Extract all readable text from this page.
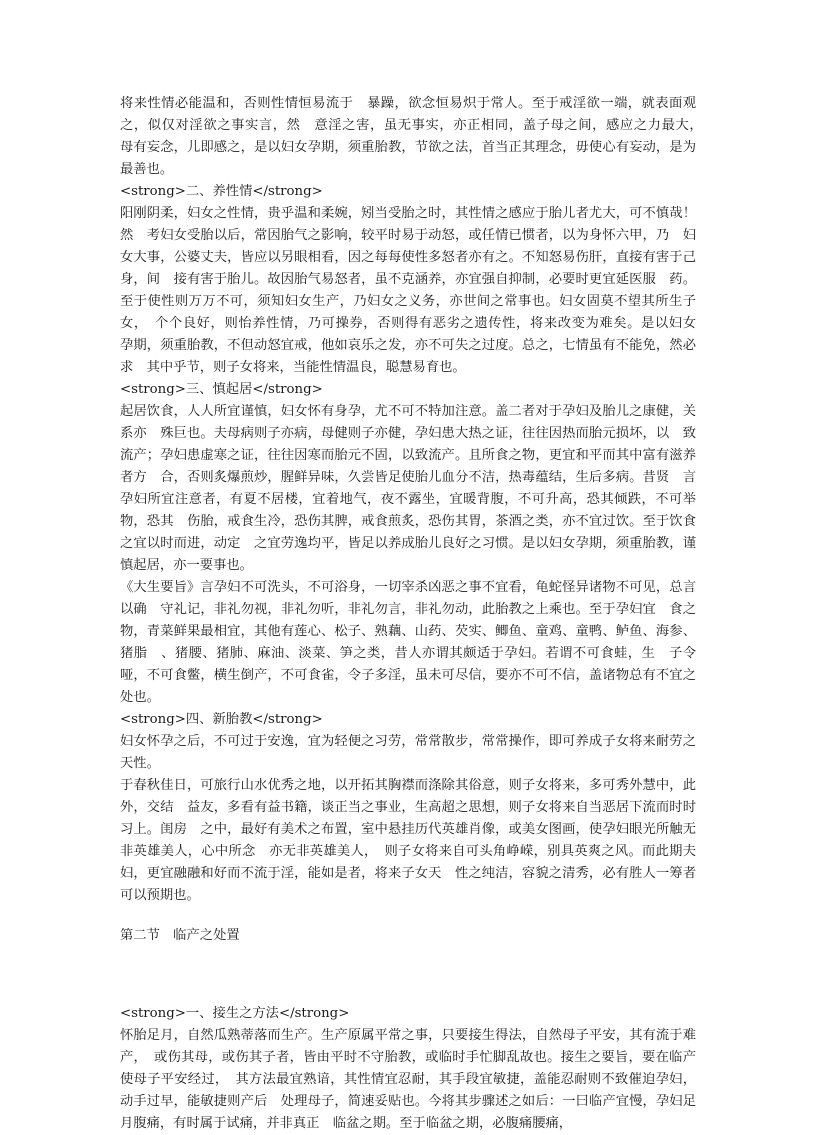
将来性情必能温和，否则性情恒易流于　暴躁，欲念恒易炽于常人。至于戒淫欲一端，就表面观之，似仅对淫欲之事实言，然　意淫之害，虽无事实，亦正相同，盖子母之间，感应之力最大，　母有妄念，儿即感之，是以妇女孕期，须重胎教，节欲之法，首当正其理念，毋使心有妄动，是为最善也。

<strong>二、养性情</strong>

阳刚阴柔，妇女之性情，贵乎温和柔婉，矧当受胎之时，其性情之感应于胎儿者尤大，可不慎哉！然　考妇女受胎以后，常因胎气之影响，较平时易于动怒，或任情已惯者，以为身怀六甲，乃　妇女大事，公婆丈夫，皆应以另眼相看，因之每每使性多怒者亦有之。不知怒易伤肝，直接有害于己身，间　接有害于胎儿。故因胎气易怒者，虽不克涵养，亦宜强自抑制，必要时更宜延医服　药。至于使性则万万不可，须知妇女生产，乃妇女之义务，亦世间之常事也。妇女固莫不望其所生子女，　个个良好，则怡养性情，乃可操券，否则得有恶劣之遗传性，将来改变为难矣。是以妇女　孕期，须重胎教，不但动怒宜戒，他如哀乐之发，亦不可失之过度。总之，七情虽有不能免，然必求　其中乎节，则子女将来，当能性情温良，聪慧易育也。

<strong>三、慎起居</strong>

起居饮食，人人所宜谨慎，妇女怀有身孕，尤不可不特加注意。盖二者对于孕妇及胎儿之康健，关系亦　殊巨也。夫母病则子亦病，母健则子亦健，孕妇患大热之证，往往因热而胎元损坏，以　致流产；孕妇患虚寒之证，往往因寒而胎元不固，以致流产。且所食之物，更宜和平而其中富有滋养者方　合，否则炙爆煎炒，腥鲜异味，久尝皆足使胎儿血分不洁，热毒蕴结，生后多病。昔贤　言孕妇所宜注意者，有夏不居楼，宜着地气，夜不露坐，宜暖背腹，不可升高，恐其倾跌，不可举物，恐其　伤胎，戒食生冷，恐伤其脾，戒食煎炙，恐伤其胃，茶酒之类，亦不宜过饮。至于饮食之宜以时而进，动定　之宜劳逸均平，皆足以养成胎儿良好之习惯。是以妇女孕期，须重胎教，谨慎起居，亦一要事也。

《大生要旨》言孕妇不可洗头，不可浴身，一切宰杀凶恶之事不宜看，龟蛇怪异诸物不可见，总言以确　守礼记，非礼勿视，非礼勿听，非礼勿言，非礼勿动，此胎教之上乘也。至于孕妇宜　食之物，青菜鲜果最相宜，其他有莲心、松子、熟藕、山药、芡实、鲫鱼、童鸡、童鸭、鲈鱼、海参、猪脂　、猪腰、猪肺、麻油、淡菜、笋之类，昔人亦谓其颇适于孕妇。若谓不可食蛙，生　子令哑，不可食鳖，横生倒产，不可食雀，令子多淫，虽未可尽信，要亦不可不信，盖诸物总有不宜之处也。

<strong>四、新胎教</strong>

妇女怀孕之后，不可过于安逸，宜为轻便之习劳，常常散步，常常操作，即可养成子女将来耐劳之天性。

于春秋佳日，可旅行山水优秀之地，以开拓其胸襟而涤除其俗意，则子女将来，多可秀外慧中，此外，交结　益友，多看有益书籍，谈正当之事业，生高超之思想，则子女将来自当恶居下流而时时习上。闺房　之中，最好有美术之布置，室中悬挂历代英雄肖像，或美女图画，使孕妇眼光所触无非英雄美人，心中所念　亦无非英雄美人，　则子女将来自可头角峥嵘，别具英爽之风。而此期夫妇，更宜融融和好而不流于淫，能如是者，将来子女天　性之纯洁，容貌之清秀，必有胜人一筹者可以预期也。

第二节　临产之处置

<strong>一、接生之方法</strong>

怀胎足月，自然瓜熟蒂落而生产。生产原属平常之事，只要接生得法，自然母子平安，其有流于难产，　或伤其母，或伤其子者，皆由平时不守胎教，或临时手忙脚乱故也。接生之要旨，要在临产使母子平安经过，　其方法最宜熟谙，其性情宜忍耐，其手段宜敏捷，盖能忍耐则不致催迫孕妇，动手过早，能敏捷则产后　处理母子，简速妥贴也。今将其步骤述之如后：一曰临产宜慢，孕妇足月腹痛，有时属于试痛，并非真正　临盆之期。至于临盆之期，必腹痛腰痛，
